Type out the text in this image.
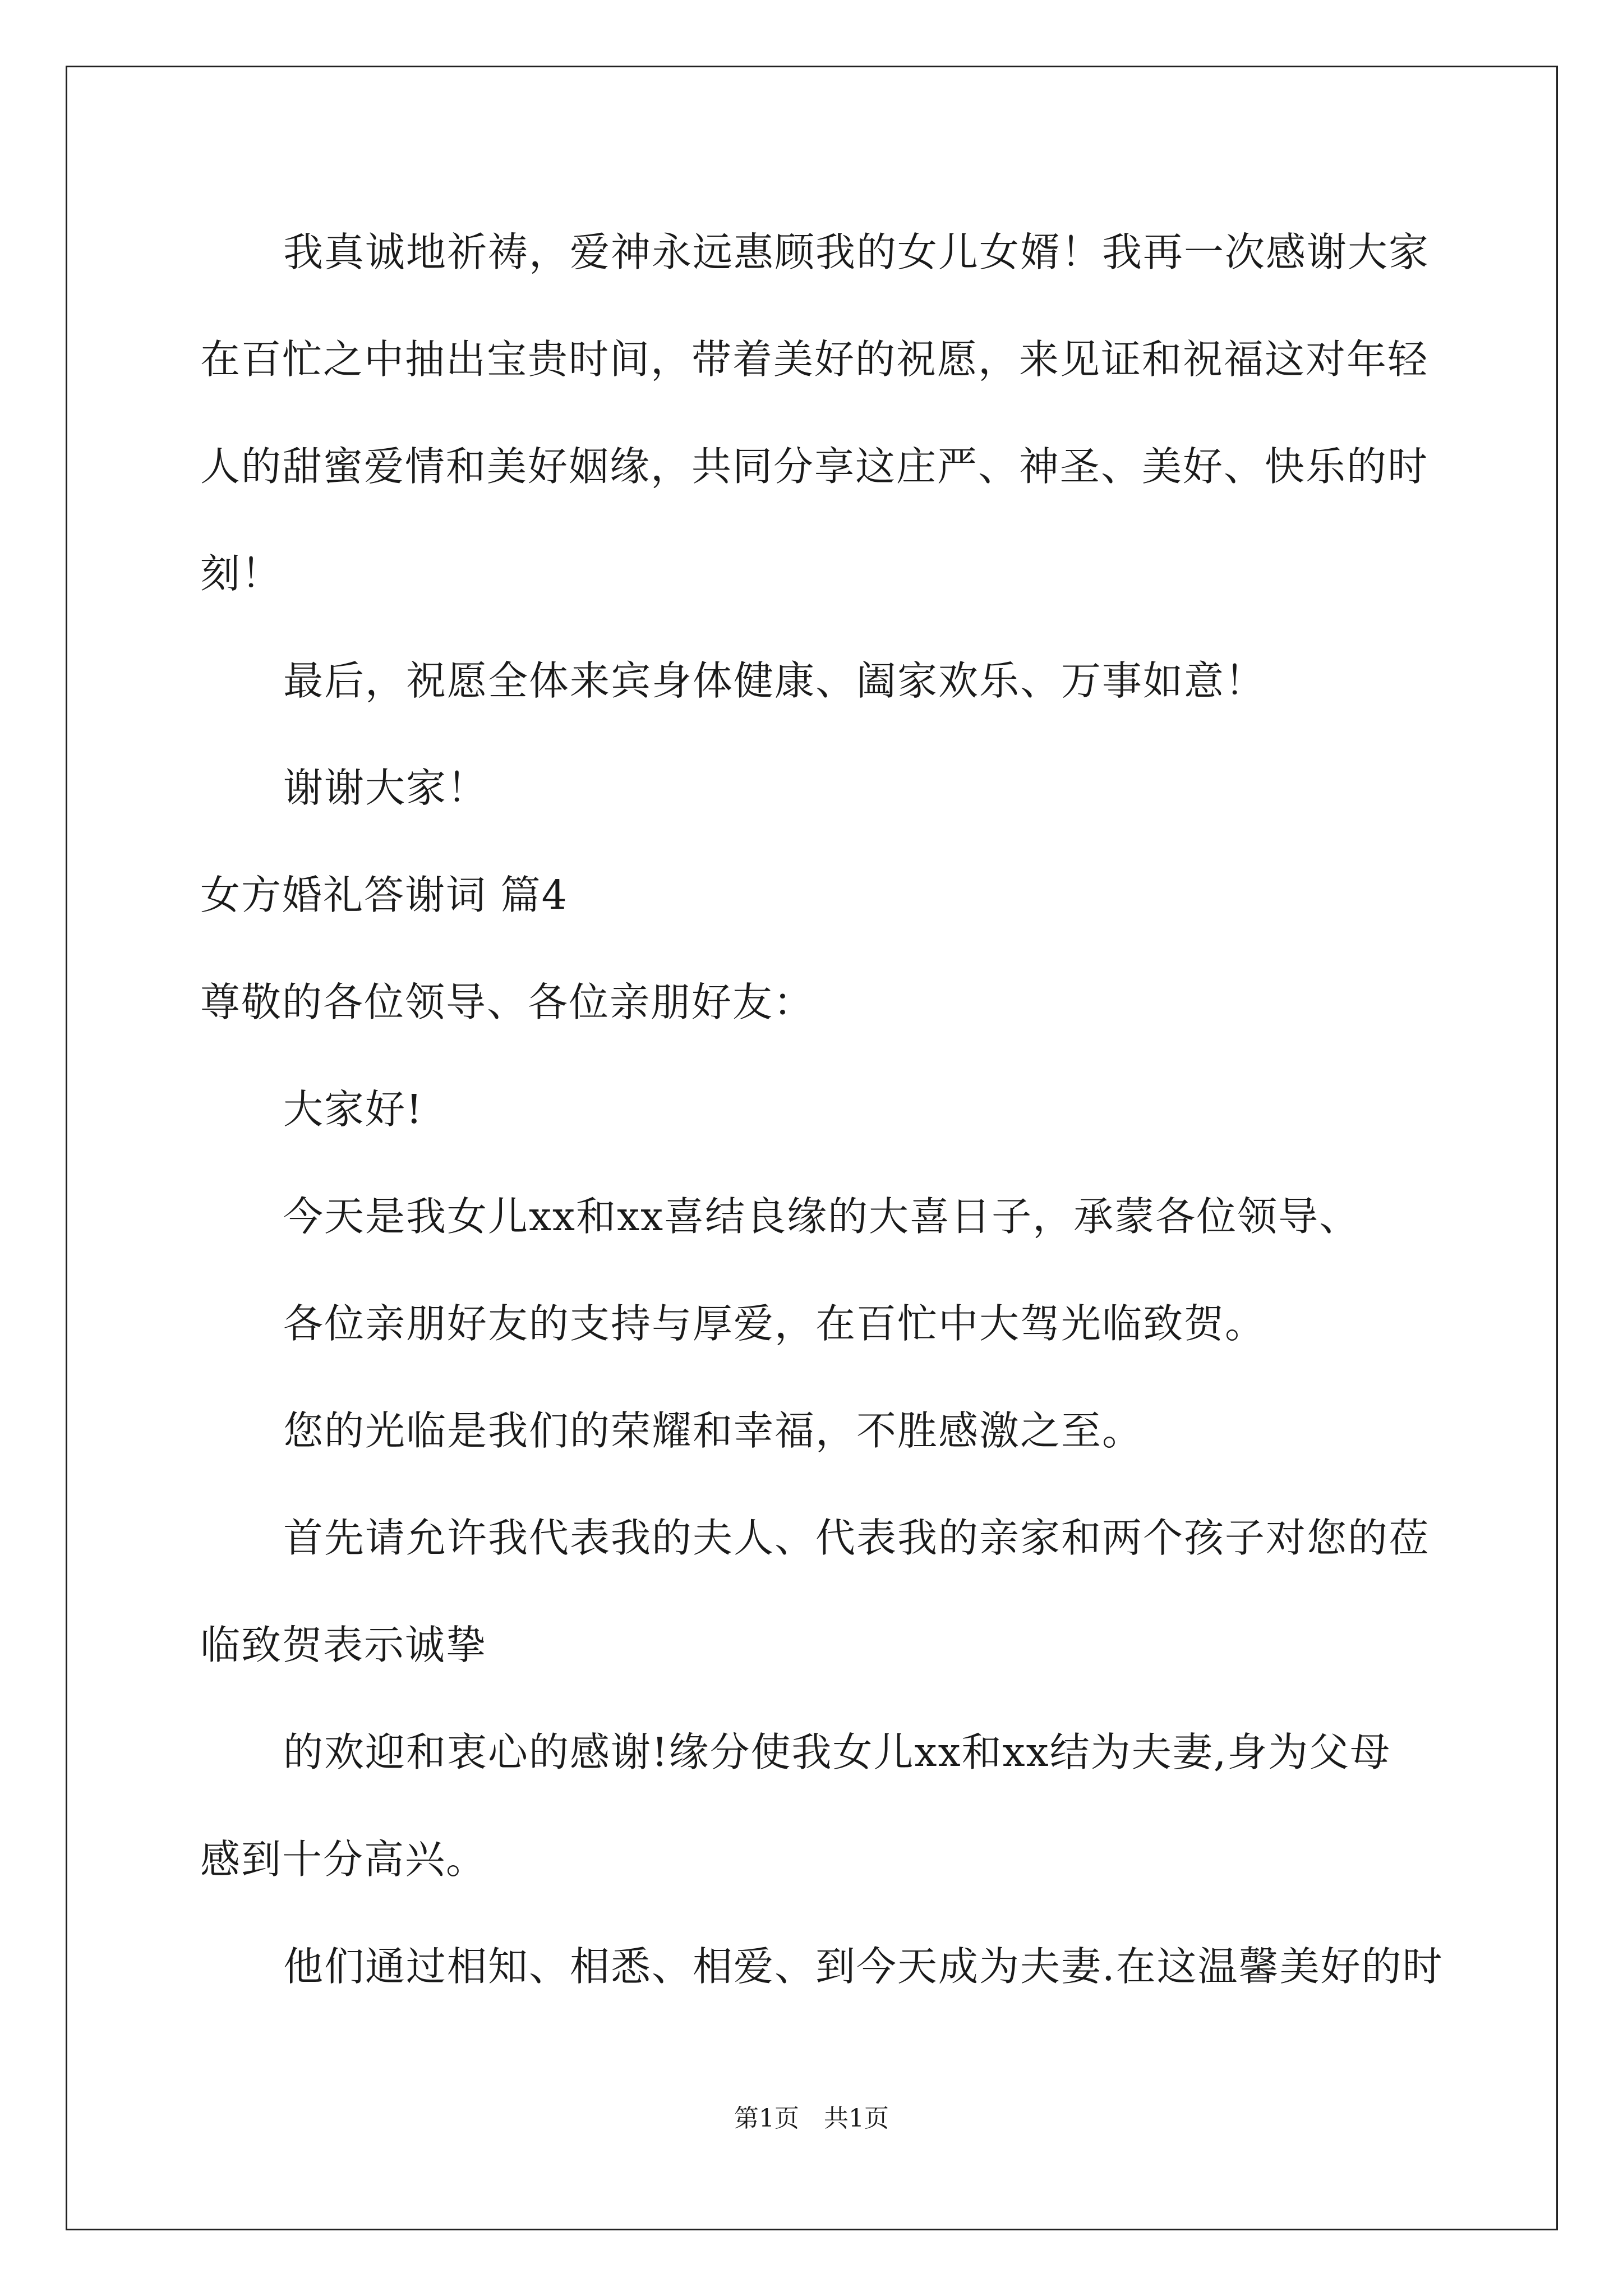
我真诚地祈祷，爱神永远惠顾我的女儿女婿！我再一次感谢大家

在百忙之中抽出宝贵时间，带着美好的祝愿，来见证和祝福这对年轻

人的甜蜜爱情和美好姻缘，共同分享这庄严、神圣、美好、快乐的时

刻！

最后，祝愿全体来宾身体健康、阖家欢乐、万事如意！

谢谢大家！

女方婚礼答谢词 篇4

尊敬的各位领导、各位亲朋好友：

大家好!

今天是我女儿xx和xx喜结良缘的大喜日子，承蒙各位领导、

各位亲朋好友的支持与厚爱，在百忙中大驾光临致贺。

您的光临是我们的荣耀和幸福，不胜感激之至。

首先请允许我代表我的夫人、代表我的亲家和两个孩子对您的莅

临致贺表示诚挚

的欢迎和衷心的感谢!缘分使我女儿xx和xx结为夫妻,身为父母

感到十分高兴。

他们通过相知、相悉、相爱、到今天成为夫妻.在这温馨美好的时

第1页　共1页
